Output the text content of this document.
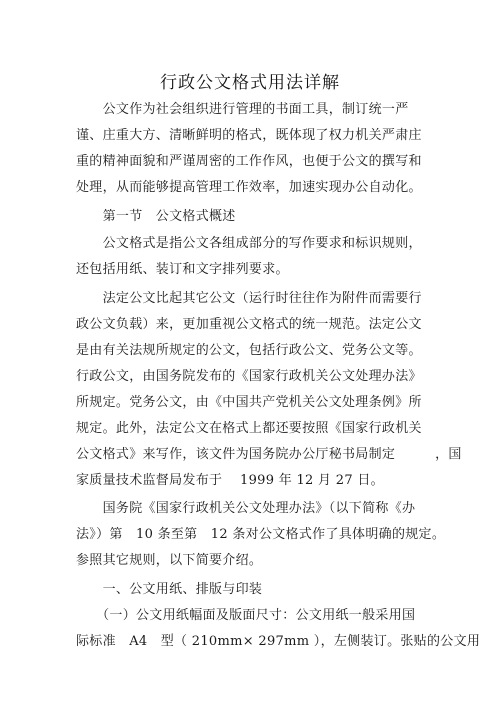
行政公文格式用法详解
　　公文作为社会组织进行管理的书面工具，制订统一严
谨、庄重大方、清晰鲜明的格式，既体现了权力机关严肃庄
重的精神面貌和严谨周密的工作作风，也便于公文的撰写和
处理，从而能够提高管理工作效率，加速实现办公自动化。
　　第一节　公文格式概述
　　公文格式是指公文各组成部分的写作要求和标识规则，
还包括用纸、装订和文字排列要求。
　　法定公文比起其它公文（运行时往往作为附件而需要行
政公文负载）来，更加重视公文格式的统一规范。法定公文
是由有关法规所规定的公文，包括行政公文、党务公文等。
行政公文，由国务院发布的《国家行政机关公文处理办法》
所规定。党务公文，由《中国共产党机关公文处理条例》所
规定。此外，法定公文在格式上都还要按照《国家行政机关
公文格式》来写作，该文件为国务院办公厅秘书局制定　　　，国
家质量技术监督局发布于　 1999 年 12 月 27 日。
　　国务院《国家行政机关公文处理办法》（以下简称《办
法》）第　10 条至第　12 条对公文格式作了具体明确的规定。
参照其它规则，以下简要介绍。
　　一、公文用纸、排版与印装
　　（一）公文用纸幅面及版面尺寸：公文用纸一般采用国
际标准　A4　型（ 210mm× 297mm ），左侧装订。张贴的公文用
